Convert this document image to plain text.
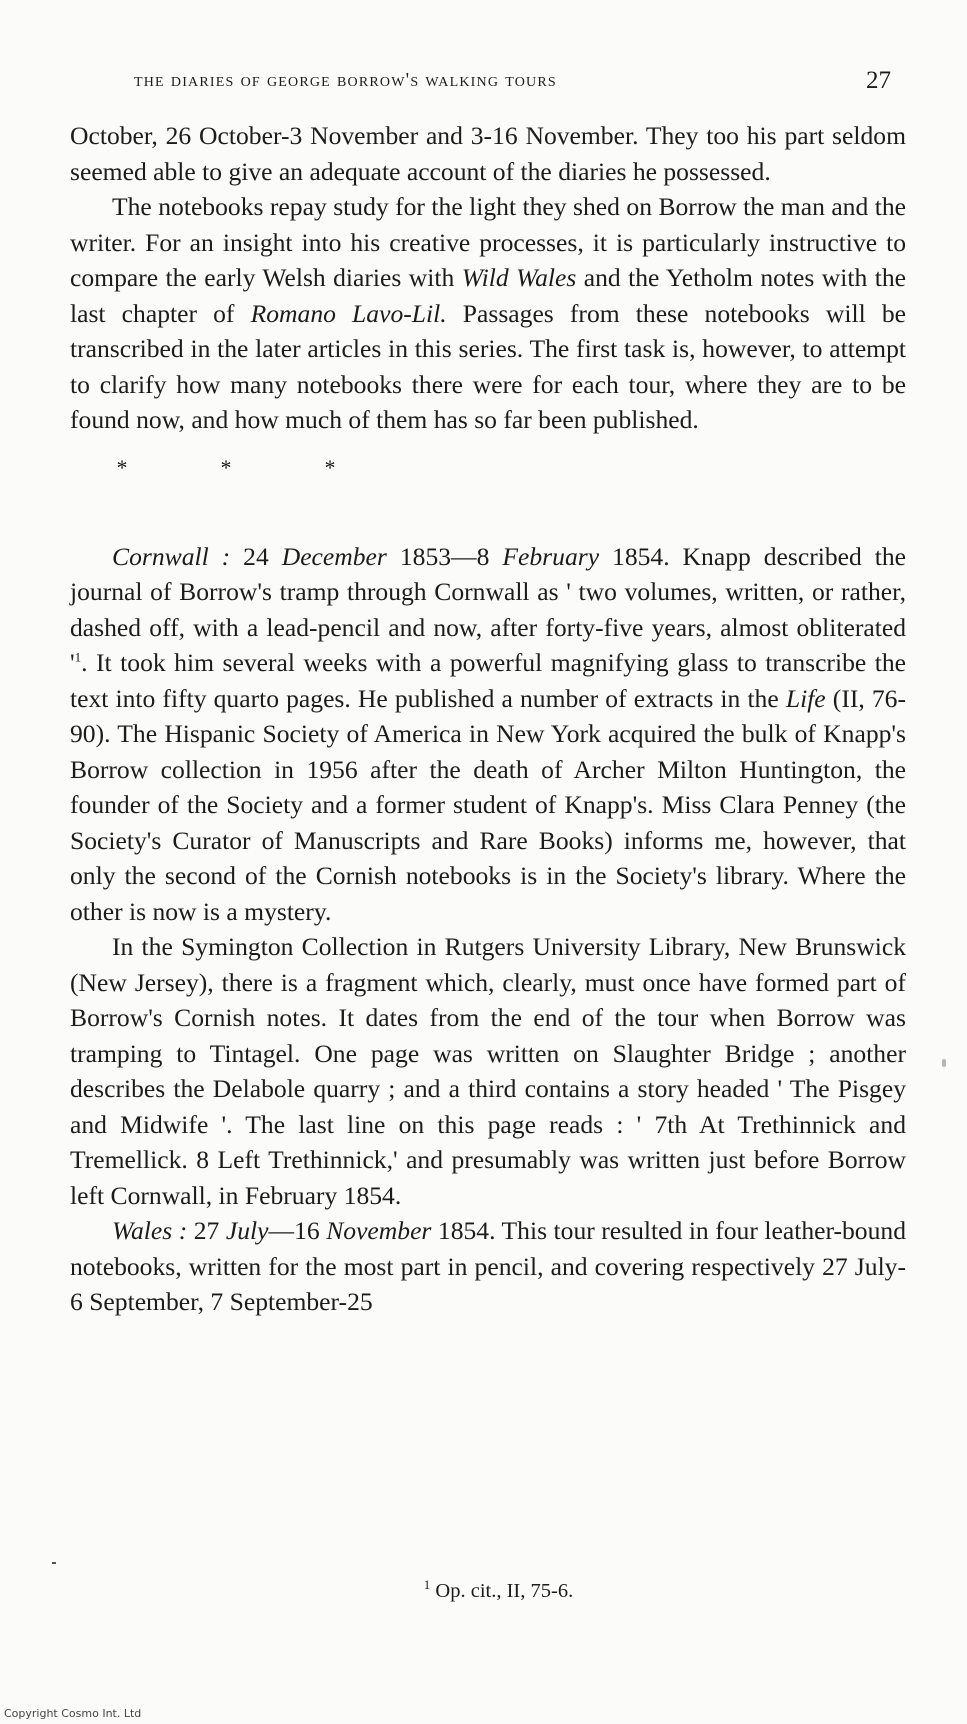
the diaries of george borrow's walking tours	27

October, 26 October-3 November and 3-16 November. They too his part seldom seemed able to give an adequate account of the diaries he possessed.

The notebooks repay study for the light they shed on Borrow the man and the writer. For an insight into his creative processes, it is particularly instructive to compare the early Welsh diaries with Wild Wales and the Yetholm notes with the last chapter of Romano Lavo-Lil. Passages from these notebooks will be transcribed in the later articles in this series. The first task is, however, to attempt to clarify how many notebooks there were for each tour, where they are to be found now, and how much of them has so far been published.

*	*	*

Cornwall : 24 December 1853—8 February 1854. Knapp described the journal of Borrow's tramp through Cornwall as ' two volumes, written, or rather, dashed off, with a lead-pencil and now, after forty-five years, almost obliterated '$^1$. It took him several weeks with a powerful magnifying glass to transcribe the text into fifty quarto pages. He published a number of extracts in the Life (II, 76-90). The Hispanic Society of America in New York acquired the bulk of Knapp's Borrow collection in 1956 after the death of Archer Milton Huntington, the founder of the Society and a former student of Knapp's. Miss Clara Penney (the Society's Curator of Manuscripts and Rare Books) informs me, however, that only the second of the Cornish notebooks is in the Society's library. Where the other is now is a mystery.

In the Symington Collection in Rutgers University Library, New Brunswick (New Jersey), there is a fragment which, clearly, must once have formed part of Borrow's Cornish notes. It dates from the end of the tour when Borrow was tramping to Tintagel. One page was written on Slaughter Bridge ; another describes the Delabole quarry ; and a third contains a story headed ' The Pisgey and Midwife '. The last line on this page reads : ' 7th At Trethinnick and Tremellick. 8 Left Trethinnick,' and presumably was written just before Borrow left Cornwall, in February 1854.

Wales : 27 July—16 November 1854. This tour resulted in four leather-bound notebooks, written for the most part in pencil, and covering respectively 27 July-6 September, 7 September-25

$^1$ Op. cit., II, 75-6.
Copyright Cosmo Int. Ltd
